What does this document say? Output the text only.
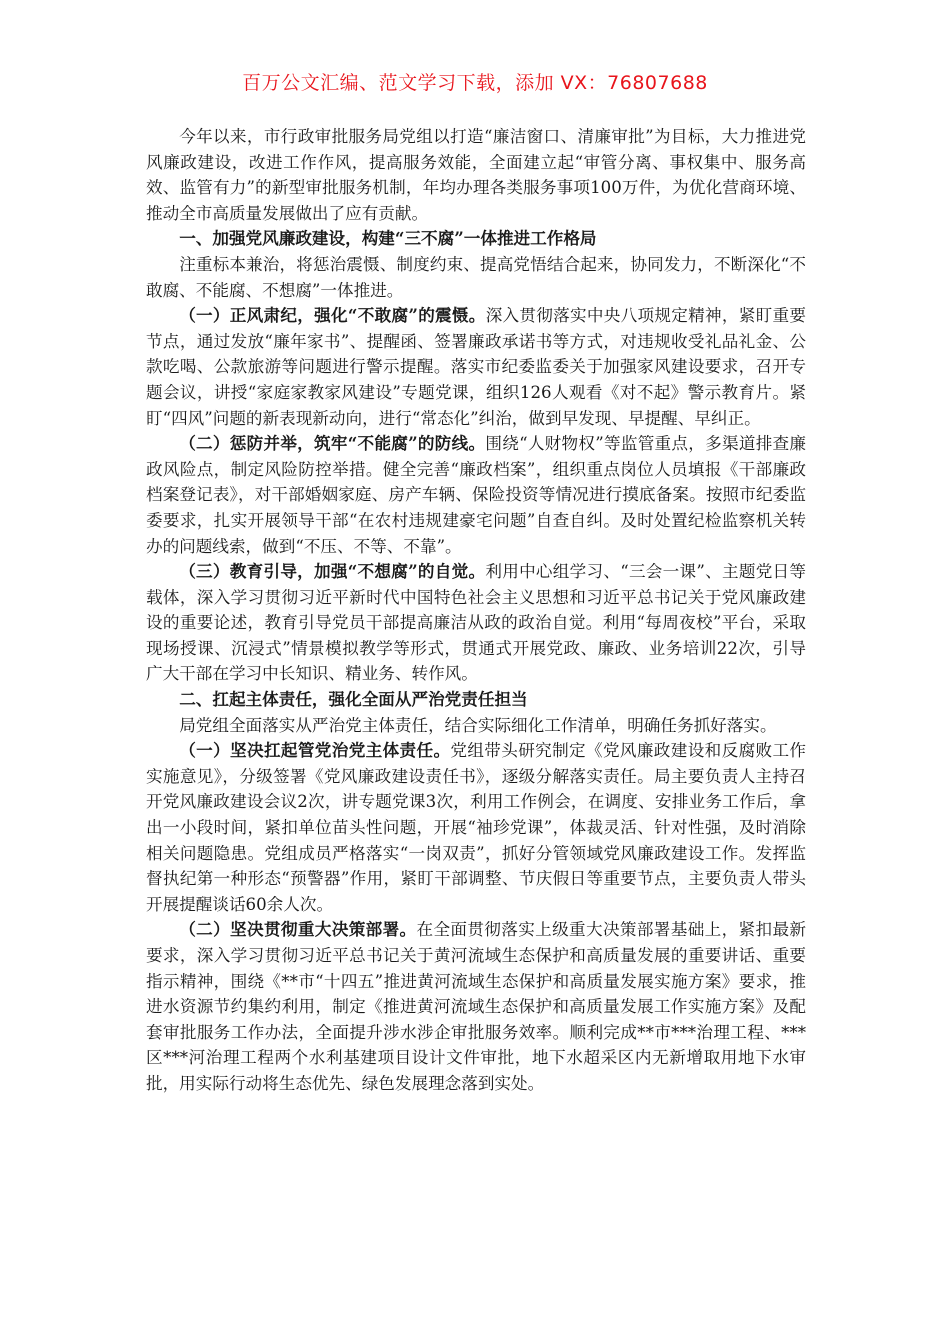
百万公文汇编、范文学习下载，添加 VX：76807688

今年以来，市行政审批服务局党组以打造“廉洁窗口、清廉审批”为目标，大力推进党风廉政建设，改进工作作风，提高服务效能，全面建立起“审管分离、事权集中、服务高效、监管有力”的新型审批服务机制，年均办理各类服务事项100万件，为优化营商环境、推动全市高质量发展做出了应有贡献。

一、加强党风廉政建设，构建“三不腐”一体推进工作格局

注重标本兼治，将惩治震慑、制度约束、提高党悟结合起来，协同发力，不断深化“不敢腐、不能腐、不想腐”一体推进。

（一）正风肃纪，强化“不敢腐”的震慑。深入贯彻落实中央八项规定精神，紧盯重要节点，通过发放“廉年家书”、提醒函、签署廉政承诺书等方式，对违规收受礼品礼金、公款吃喝、公款旅游等问题进行警示提醒。落实市纪委监委关于加强家风建设要求，召开专题会议，讲授“家庭家教家风建设”专题党课，组织126人观看《对不起》警示教育片。紧盯“四风”问题的新表现新动向，进行“常态化”纠治，做到早发现、早提醒、早纠正。

（二）惩防并举，筑牢“不能腐”的防线。围绕“人财物权”等监管重点，多渠道排查廉政风险点，制定风险防控举措。健全完善“廉政档案”，组织重点岗位人员填报《干部廉政档案登记表》，对干部婚姻家庭、房产车辆、保险投资等情况进行摸底备案。按照市纪委监委要求，扎实开展领导干部“在农村违规建豪宅问题”自查自纠。及时处置纪检监察机关转办的问题线索，做到“不压、不等、不靠”。

（三）教育引导，加强“不想腐”的自觉。利用中心组学习、“三会一课”、主题党日等载体，深入学习贯彻习近平新时代中国特色社会主义思想和习近平总书记关于党风廉政建设的重要论述，教育引导党员干部提高廉洁从政的政治自觉。利用“每周夜校”平台，采取现场授课、沉浸式”情景模拟教学等形式，贯通式开展党政、廉政、业务培训22次，引导广大干部在学习中长知识、精业务、转作风。

二、扛起主体责任，强化全面从严治党责任担当

局党组全面落实从严治党主体责任，结合实际细化工作清单，明确任务抓好落实。

（一）坚决扛起管党治党主体责任。党组带头研究制定《党风廉政建设和反腐败工作实施意见》，分级签署《党风廉政建设责任书》，逐级分解落实责任。局主要负责人主持召开党风廉政建设会议2次，讲专题党课3次，利用工作例会，在调度、安排业务工作后，拿出一小段时间，紧扣单位苗头性问题，开展“袖珍党课”，体裁灵活、针对性强，及时消除相关问题隐患。党组成员严格落实“一岗双责”，抓好分管领域党风廉政建设工作。发挥监督执纪第一种形态“预警器”作用，紧盯干部调整、节庆假日等重要节点，主要负责人带头开展提醒谈话60余人次。

（二）坚决贯彻重大决策部署。在全面贯彻落实上级重大决策部署基础上，紧扣最新要求，深入学习贯彻习近平总书记关于黄河流域生态保护和高质量发展的重要讲话、重要指示精神，围绕《**市“十四五”推进黄河流域生态保护和高质量发展实施方案》要求，推进水资源节约集约利用，制定《推进黄河流域生态保护和高质量发展工作实施方案》及配套审批服务工作办法，全面提升涉水涉企审批服务效率。顺利完成**市***治理工程、***区***河治理工程两个水利基建项目设计文件审批，地下水超采区内无新增取用地下水审批，用实际行动将生态优先、绿色发展理念落到实处。
